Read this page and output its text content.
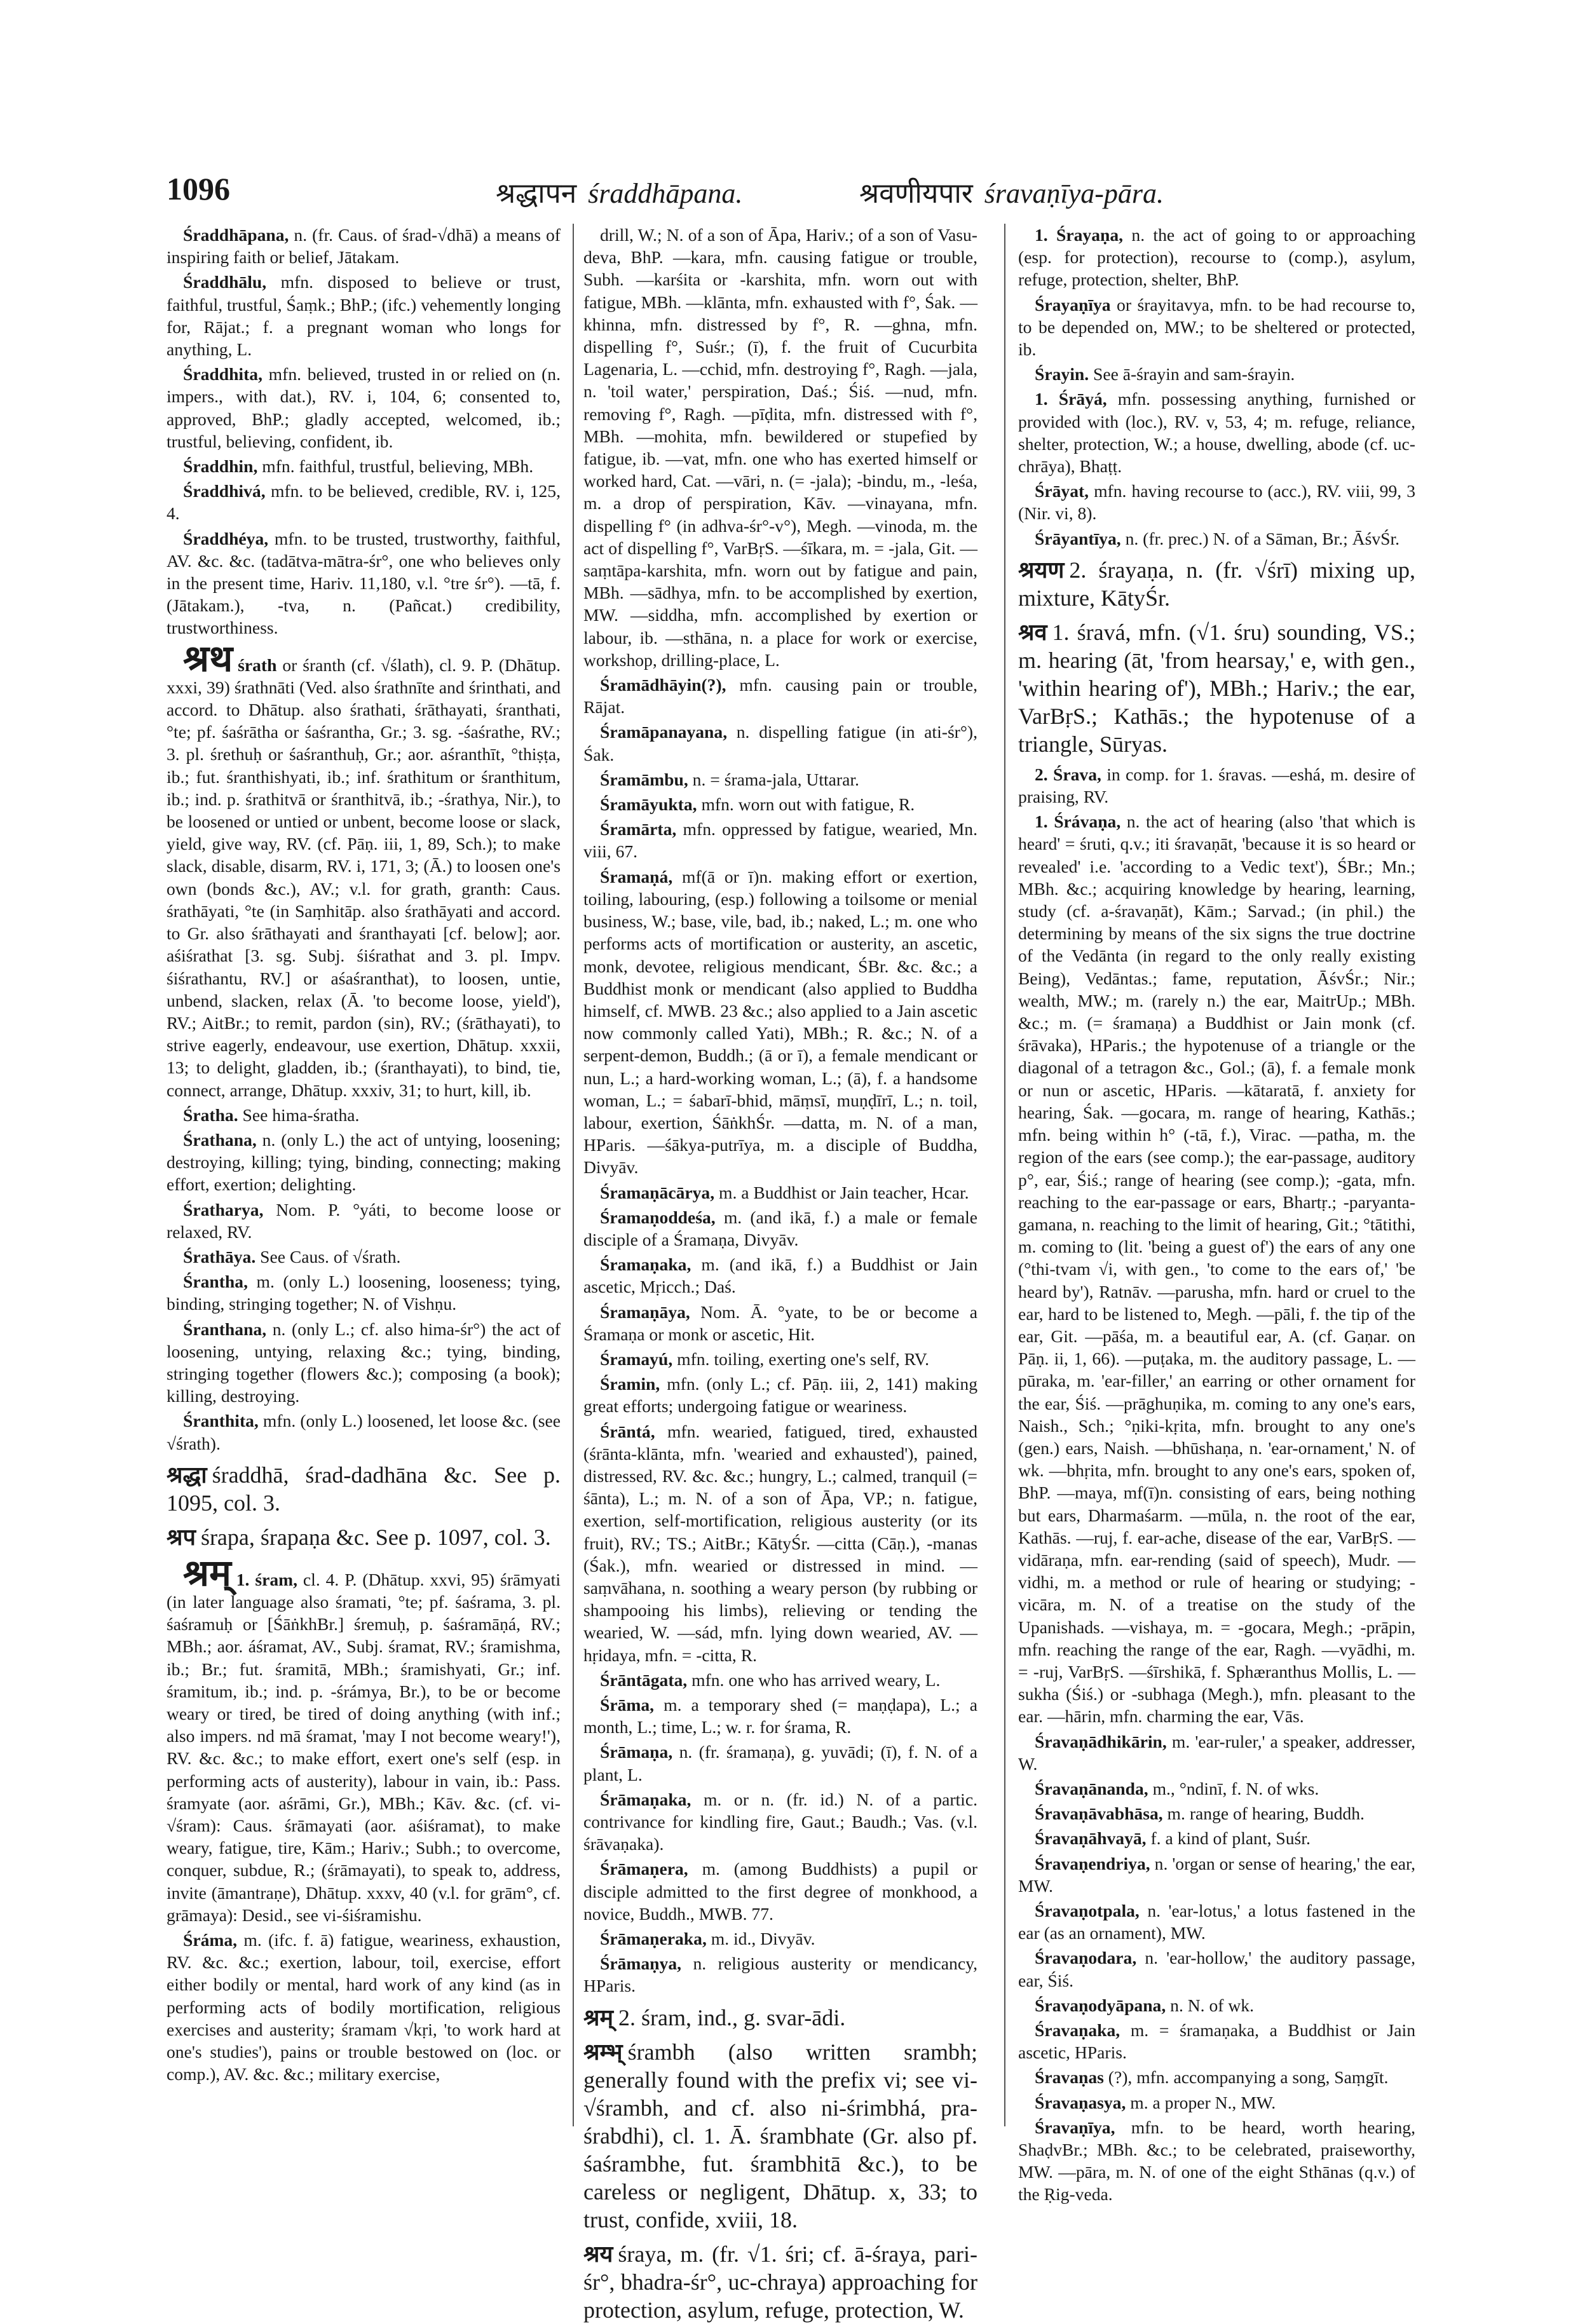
1096	श्रद्धापन śraddhāpana.	श्रवणीयपार śravaṇīya-pāra.

Śraddhāpana, n. (fr. Caus. of śrad-√dhā) a means of inspiring faith or belief, Jātakam.

Śraddhālu, mfn. disposed to believe or trust, faithful, trustful, Śaṃk.; BhP.; (ifc.) vehemently longing for, Rājat.; f. a pregnant woman who longs for anything, L.

Śraddhita, mfn. believed, trusted in or relied on (n. impers., with dat.), RV. i, 104, 6; consented to, approved, BhP.; gladly accepted, welcomed, ib.; trustful, believing, confident, ib.

Śraddhin, mfn. faithful, trustful, believing, MBh.

Śraddhivá, mfn. to be believed, credible, RV. i, 125, 4.

Śraddhéya, mfn. to be trusted, trustworthy, faithful, AV. &c. &c. (tadātva-mātra-śr°, one who believes only in the present time, Hariv. 11,180, v.l. °tre śr°). —tā, f. (Jātakam.), -tva, n. (Pañcat.) credibility, trustworthiness.

श्रथ śrath or śranth (cf. √ślath), cl. 9. P. (Dhātup. xxxi, 39) śrathnāti (Ved. also śrathnīte and śrinthati, and accord. to Dhātup. also śrathati, śrāthayati, śranthati, °te; pf. śaśrātha or śaśrantha, Gr.; 3. sg. -śaśrathe, RV.; 3. pl. śrethuḥ or śaśranthuḥ, Gr.; aor. aśranthīt, °thiṣṭa, ib.; fut. śranthishyati, ib.; inf. śrathitum or śranthitum, ib.; ind. p. śrathitvā or śranthitvā, ib.; -śrathya, Nir.), to be loosened or untied or unbent, become loose or slack, yield, give way, RV. (cf. Pāṇ. iii, 1, 89, Sch.); to make slack, disable, disarm, RV. i, 171, 3; (Ā.) to loosen one's own (bonds &c.), AV.; v.l. for grath, granth: Caus. śrathāyati, °te (in Saṃhitāp. also śrathāyati and accord. to Gr. also śrāthayati and śranthayati [cf. below]; aor. aśiśrathat [3. sg. Subj. śiśrathat and 3. pl. Impv. śiśrathantu, RV.] or aśaśranthat), to loosen, untie, unbend, slacken, relax (Ā. 'to become loose, yield'), RV.; AitBr.; to remit, pardon (sin), RV.; (śrāthayati), to strive eagerly, endeavour, use exertion, Dhātup. xxxii, 13; to delight, gladden, ib.; (śranthayati), to bind, tie, connect, arrange, Dhātup. xxxiv, 31; to hurt, kill, ib.

Śratha. See hima-śratha.

Śrathana, n. (only L.) the act of untying, loosening; destroying, killing; tying, binding, connecting; making effort, exertion; delighting.

Śratharya, Nom. P. °yáti, to become loose or relaxed, RV.

Śrathāya. See Caus. of √śrath.

Śrantha, m. (only L.) loosening, looseness; tying, binding, stringing together; N. of Vishṇu.

Śranthana, n. (only L.; cf. also hima-śr°) the act of loosening, untying, relaxing &c.; tying, binding, stringing together (flowers &c.); composing (a book); killing, destroying.

Śranthita, mfn. (only L.) loosened, let loose &c. (see √śrath).

श्रद्धा śraddhā, śrad-dadhāna &c. See p. 1095, col. 3.

श्रप śrapa, śrapaṇa &c. See p. 1097, col. 3.

श्रम् 1. śram, cl. 4. P. (Dhātup. xxvi, 95) śrāmyati (in later language also śramati, °te; pf. śaśrama, 3. pl. śaśramuḥ or [ŚāṅkhBr.] śremuḥ, p. śaśramāṇá, RV.; MBh.; aor. áśramat, AV., Subj. śramat, RV.; śramishma, ib.; Br.; fut. śramitā, MBh.; śramishyati, Gr.; inf. śramitum, ib.; ind. p. -śrámya, Br.), to be or become weary or tired, be tired of doing anything (with inf.; also impers. nd mā śramat, 'may I not become weary!'), RV. &c. &c.; to make effort, exert one's self (esp. in performing acts of austerity), labour in vain, ib.: Pass. śramyate (aor. aśrāmi, Gr.), MBh.; Kāv. &c. (cf. vi-√śram): Caus. śrāmayati (aor. aśiśramat), to make weary, fatigue, tire, Kām.; Hariv.; Subh.; to overcome, conquer, subdue, R.; (śrāmayati), to speak to, address, invite (āmantraṇe), Dhātup. xxxv, 40 (v.l. for grām°, cf. grāmaya): Desid., see vi-śiśramishu.

Śráma, m. (ifc. f. ā) fatigue, weariness, exhaustion, RV. &c. &c.; exertion, labour, toil, exercise, effort either bodily or mental, hard work of any kind (as in performing acts of bodily mortification, religious exercises and austerity; śramam √kṛi, 'to work hard at one's studies'), pains or trouble bestowed on (loc. or comp.), AV. &c. &c.; military exercise,

drill, W.; N. of a son of Āpa, Hariv.; of a son of Vasu-deva, BhP. —kara, mfn. causing fatigue or trouble, Subh. —karśita or -karshita, mfn. worn out with fatigue, MBh. —klānta, mfn. exhausted with f°, Śak. —khinna, mfn. distressed by f°, R. —ghna, mfn. dispelling f°, Suśr.; (ī), f. the fruit of Cucurbita Lagenaria, L. —cchid, mfn. destroying f°, Ragh. —jala, n. 'toil water,' perspiration, Daś.; Śiś. —nud, mfn. removing f°, Ragh. —pīḍita, mfn. distressed with f°, MBh. —mohita, mfn. bewildered or stupefied by fatigue, ib. —vat, mfn. one who has exerted himself or worked hard, Cat. —vāri, n. (= -jala); -bindu, m., -leśa, m. a drop of perspiration, Kāv. —vinayana, mfn. dispelling f° (in adhva-śr°-v°), Megh. —vinoda, m. the act of dispelling f°, VarBṛS. —śīkara, m. = -jala, Git. —saṃtāpa-karshita, mfn. worn out by fatigue and pain, MBh. —sādhya, mfn. to be accomplished by exertion, MW. —siddha, mfn. accomplished by exertion or labour, ib. —sthāna, n. a place for work or exercise, workshop, drilling-place, L.

Śramādhāyin(?), mfn. causing pain or trouble, Rājat.

Śramāpanayana, n. dispelling fatigue (in ati-śr°), Śak.

Śramāmbu, n. = śrama-jala, Uttarar.

Śramāyukta, mfn. worn out with fatigue, R.

Śramārta, mfn. oppressed by fatigue, wearied, Mn. viii, 67.

Śramaṇá, mf(ā or ī)n. making effort or exertion, toiling, labouring, (esp.) following a toilsome or menial business, W.; base, vile, bad, ib.; naked, L.; m. one who performs acts of mortification or austerity, an ascetic, monk, devotee, religious mendicant, ŚBr. &c. &c.; a Buddhist monk or mendicant (also applied to Buddha himself, cf. MWB. 23 &c.; also applied to a Jain ascetic now commonly called Yati), MBh.; R. &c.; N. of a serpent-demon, Buddh.; (ā or ī), a female mendicant or nun, L.; a hard-working woman, L.; (ā), f. a handsome woman, L.; = śabarī-bhid, māṃsī, muṇḍīrī, L.; n. toil, labour, exertion, ŚāṅkhŚr. —datta, m. N. of a man, HParis. —śākya-putrīya, m. a disciple of Buddha, Divyāv.

Śramaṇācārya, m. a Buddhist or Jain teacher, Hcar.

Śramaṇoddeśa, m. (and ikā, f.) a male or female disciple of a Śramaṇa, Divyāv.

Śramaṇaka, m. (and ikā, f.) a Buddhist or Jain ascetic, Mṛicch.; Daś.

Śramaṇāya, Nom. Ā. °yate, to be or become a Śramaṇa or monk or ascetic, Hit.

Śramayú, mfn. toiling, exerting one's self, RV.

Śramin, mfn. (only L.; cf. Pāṇ. iii, 2, 141) making great efforts; undergoing fatigue or weariness.

Śrāntá, mfn. wearied, fatigued, tired, exhausted (śrānta-klānta, mfn. 'wearied and exhausted'), pained, distressed, RV. &c. &c.; hungry, L.; calmed, tranquil (= śānta), L.; m. N. of a son of Āpa, VP.; n. fatigue, exertion, self-mortification, religious austerity (or its fruit), RV.; TS.; AitBr.; KātyŚr. —citta (Cāṇ.), -manas (Śak.), mfn. wearied or distressed in mind. —saṃvāhana, n. soothing a weary person (by rubbing or shampooing his limbs), relieving or tending the wearied, W. —sád, mfn. lying down wearied, AV. —hṛidaya, mfn. = -citta, R.

Śrāntāgata, mfn. one who has arrived weary, L.

Śrāma, m. a temporary shed (= maṇḍapa), L.; a month, L.; time, L.; w. r. for śrama, R.

Śrāmaṇa, n. (fr. śramaṇa), g. yuvādi; (ī), f. N. of a plant, L.

Śrāmaṇaka, m. or n. (fr. id.) N. of a partic. contrivance for kindling fire, Gaut.; Baudh.; Vas. (v.l. śrāvaṇaka).

Śrāmaṇera, m. (among Buddhists) a pupil or disciple admitted to the first degree of monkhood, a novice, Buddh., MWB. 77.

Śrāmaṇeraka, m. id., Divyāv.

Śrāmaṇya, n. religious austerity or mendicancy, HParis.

श्रम् 2. śram, ind., g. svar-ādi.

श्रम्भ् śrambh (also written srambh; generally found with the prefix vi; see vi-√śrambh, and cf. also ni-śrimbhá, pra-śrabdhi), cl. 1. Ā. śrambhate (Gr. also pf. śaśrambhe, fut. śrambhitā &c.), to be careless or negligent, Dhātup. x, 33; to trust, confide, xviii, 18.

श्रय śraya, m. (fr. √1. śri; cf. ā-śraya, pari-śr°, bhadra-śr°, uc-chraya) approaching for protection, asylum, refuge, protection, W.

1. Śrayaṇa, n. the act of going to or approaching (esp. for protection), recourse to (comp.), asylum, refuge, protection, shelter, BhP.

Śrayaṇīya or śrayitavya, mfn. to be had recourse to, to be depended on, MW.; to be sheltered or protected, ib.

Śrayin. See ā-śrayin and sam-śrayin.

1. Śrāyá, mfn. possessing anything, furnished or provided with (loc.), RV. v, 53, 4; m. refuge, reliance, shelter, protection, W.; a house, dwelling, abode (cf. uc-chrāya), Bhaṭṭ.

Śrāyat, mfn. having recourse to (acc.), RV. viii, 99, 3 (Nir. vi, 8).

Śrāyantīya, n. (fr. prec.) N. of a Sāman, Br.; ĀśvŚr.

श्रयण 2. śrayaṇa, n. (fr. √śrī) mixing up, mixture, KātyŚr.

श्रव 1. śravá, mfn. (√1. śru) sounding, VS.; m. hearing (āt, 'from hearsay,' e, with gen., 'within hearing of'), MBh.; Hariv.; the ear, VarBṛS.; Kathās.; the hypotenuse of a triangle, Sūryas.

2. Śrava, in comp. for 1. śravas. —eshá, m. desire of praising, RV.

1. Śrávaṇa, n. the act of hearing (also 'that which is heard' = śruti, q.v.; iti śravaṇāt, 'because it is so heard or revealed' i.e. 'according to a Vedic text'), ŚBr.; Mn.; MBh. &c.; acquiring knowledge by hearing, learning, study (cf. a-śravaṇāt), Kām.; Sarvad.; (in phil.) the determining by means of the six signs the true doctrine of the Vedānta (in regard to the only really existing Being), Vedāntas.; fame, reputation, ĀśvŚr.; Nir.; wealth, MW.; m. (rarely n.) the ear, MaitrUp.; MBh. &c.; m. (= śramaṇa) a Buddhist or Jain monk (cf. śrāvaka), HParis.; the hypotenuse of a triangle or the diagonal of a tetragon &c., Gol.; (ā), f. a female monk or nun or ascetic, HParis. —kātaratā, f. anxiety for hearing, Śak. —gocara, m. range of hearing, Kathās.; mfn. being within h° (-tā, f.), Virac. —patha, m. the region of the ears (see comp.); the ear-passage, auditory p°, ear, Śiś.; range of hearing (see comp.); -gata, mfn. reaching to the ear-passage or ears, Bhartṛ.; -paryanta-gamana, n. reaching to the limit of hearing, Git.; °tātithi, m. coming to (lit. 'being a guest of') the ears of any one (°thi-tvam √i, with gen., 'to come to the ears of,' 'be heard by'), Ratnāv. —parusha, mfn. hard or cruel to the ear, hard to be listened to, Megh. —pāli, f. the tip of the ear, Git. —pāśa, m. a beautiful ear, A. (cf. Gaṇar. on Pāṇ. ii, 1, 66). —puṭaka, m. the auditory passage, L. —pūraka, m. 'ear-filler,' an earring or other ornament for the ear, Śiś. —prāghuṇika, m. coming to any one's ears, Naish., Sch.; °ṇiki-kṛita, mfn. brought to any one's (gen.) ears, Naish. —bhūshaṇa, n. 'ear-ornament,' N. of wk. —bhṛita, mfn. brought to any one's ears, spoken of, BhP. —maya, mf(ī)n. consisting of ears, being nothing but ears, Dharmaśarm. —mūla, n. the root of the ear, Kathās. —ruj, f. ear-ache, disease of the ear, VarBṛS. —vidāraṇa, mfn. ear-rending (said of speech), Mudr. —vidhi, m. a method or rule of hearing or studying; -vicāra, m. N. of a treatise on the study of the Upanishads. —vishaya, m. = -gocara, Megh.; -prāpin, mfn. reaching the range of the ear, Ragh. —vyādhi, m. = -ruj, VarBṛS. —śīrshikā, f. Sphæranthus Mollis, L. —sukha (Śiś.) or -subhaga (Megh.), mfn. pleasant to the ear. —hārin, mfn. charming the ear, Vās.

Śravaṇādhikārin, m. 'ear-ruler,' a speaker, addresser, W.

Śravaṇānanda, m., °ndinī, f. N. of wks.

Śravaṇāvabhāsa, m. range of hearing, Buddh.

Śravaṇāhvayā, f. a kind of plant, Suśr.

Śravaṇendriya, n. 'organ or sense of hearing,' the ear, MW.

Śravaṇotpala, n. 'ear-lotus,' a lotus fastened in the ear (as an ornament), MW.

Śravaṇodara, n. 'ear-hollow,' the auditory passage, ear, Śiś.

Śravaṇodyāpana, n. N. of wk.

Śravaṇaka, m. = śramaṇaka, a Buddhist or Jain ascetic, HParis.

Śravaṇas (?), mfn. accompanying a song, Saṃgīt.

Śravaṇasya, m. a proper N., MW.

Śravaṇīya, mfn. to be heard, worth hearing, ShaḍvBr.; MBh. &c.; to be celebrated, praiseworthy, MW. —pāra, m. N. of one of the eight Sthānas (q.v.) of the Ṛig-veda.
